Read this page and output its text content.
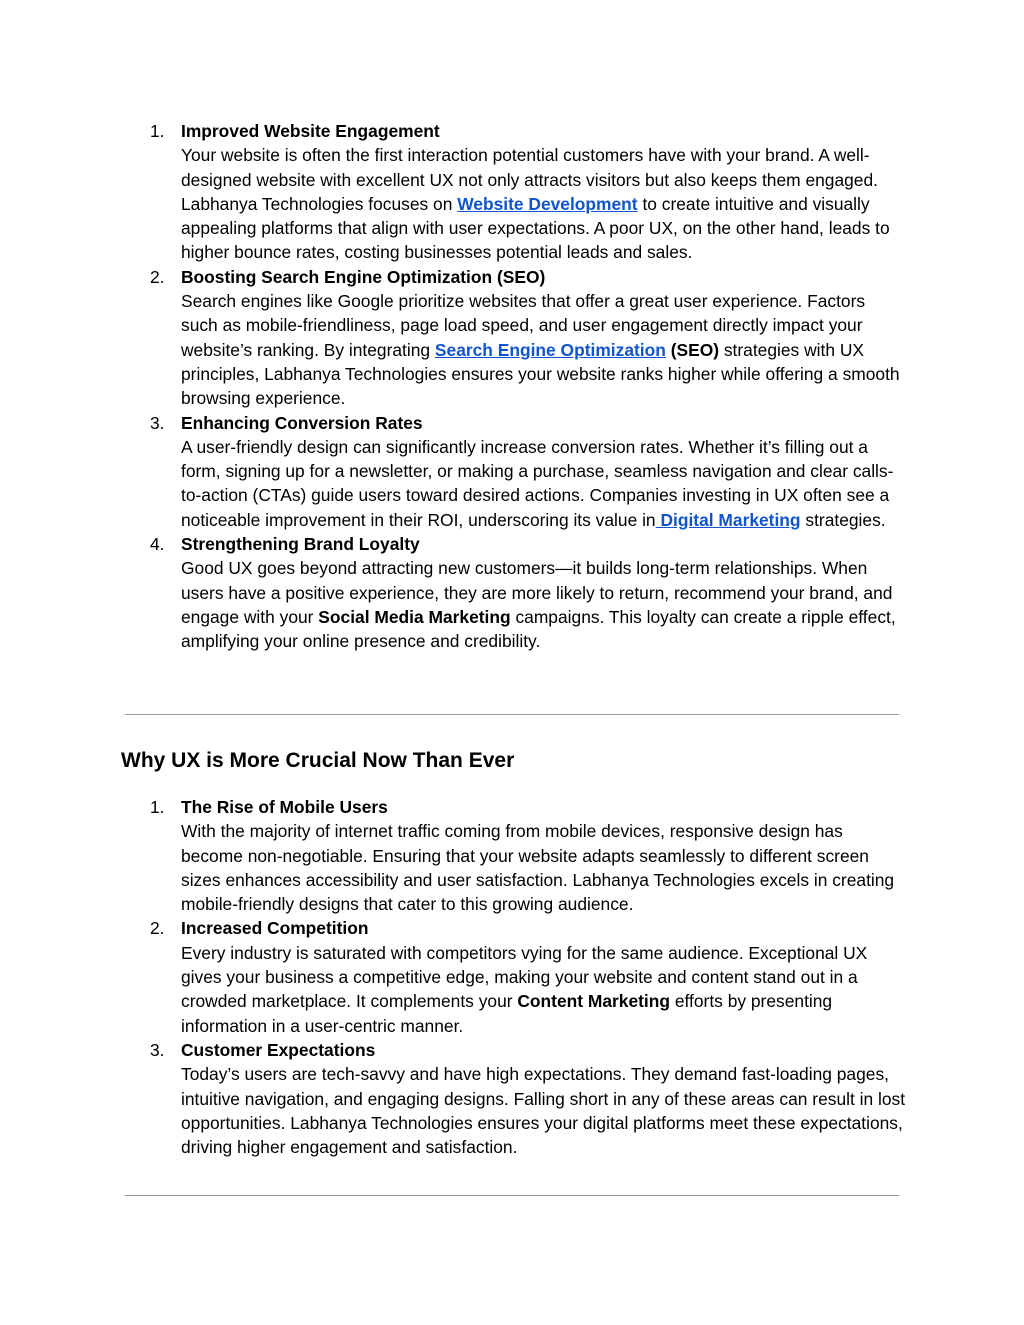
1. Improved Website Engagement
Your website is often the first interaction potential customers have with your brand. A well-designed website with excellent UX not only attracts visitors but also keeps them engaged. Labhanya Technologies focuses on Website Development to create intuitive and visually appealing platforms that align with user expectations. A poor UX, on the other hand, leads to higher bounce rates, costing businesses potential leads and sales.
2. Boosting Search Engine Optimization (SEO)
Search engines like Google prioritize websites that offer a great user experience. Factors such as mobile-friendliness, page load speed, and user engagement directly impact your website’s ranking. By integrating Search Engine Optimization (SEO) strategies with UX principles, Labhanya Technologies ensures your website ranks higher while offering a smooth browsing experience.
3. Enhancing Conversion Rates
A user-friendly design can significantly increase conversion rates. Whether it’s filling out a form, signing up for a newsletter, or making a purchase, seamless navigation and clear calls-to-action (CTAs) guide users toward desired actions. Companies investing in UX often see a noticeable improvement in their ROI, underscoring its value in Digital Marketing strategies.
4. Strengthening Brand Loyalty
Good UX goes beyond attracting new customers—it builds long-term relationships. When users have a positive experience, they are more likely to return, recommend your brand, and engage with your Social Media Marketing campaigns. This loyalty can create a ripple effect, amplifying your online presence and credibility.
Why UX is More Crucial Now Than Ever
1. The Rise of Mobile Users
With the majority of internet traffic coming from mobile devices, responsive design has become non-negotiable. Ensuring that your website adapts seamlessly to different screen sizes enhances accessibility and user satisfaction. Labhanya Technologies excels in creating mobile-friendly designs that cater to this growing audience.
2. Increased Competition
Every industry is saturated with competitors vying for the same audience. Exceptional UX gives your business a competitive edge, making your website and content stand out in a crowded marketplace. It complements your Content Marketing efforts by presenting information in a user-centric manner.
3. Customer Expectations
Today’s users are tech-savvy and have high expectations. They demand fast-loading pages, intuitive navigation, and engaging designs. Falling short in any of these areas can result in lost opportunities. Labhanya Technologies ensures your digital platforms meet these expectations, driving higher engagement and satisfaction.
